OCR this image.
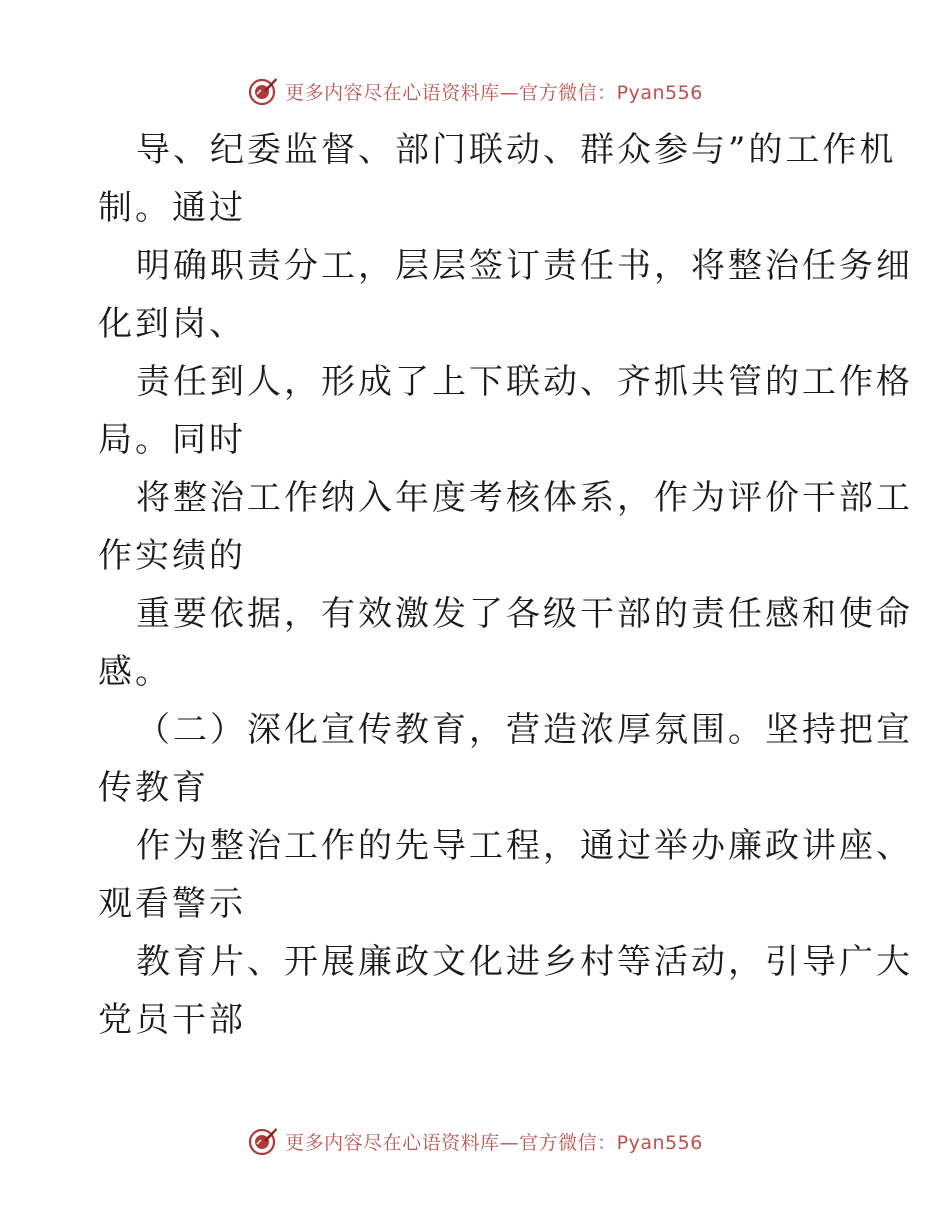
更多内容尽在心语资料库—官方微信：Pyan556
导、纪委监督、部门联动、群众参与”的工作机
制。通过
明确职责分工，层层签订责任书，将整治任务细
化到岗、
责任到人，形成了上下联动、齐抓共管的工作格
局。同时
将整治工作纳入年度考核体系，作为评价干部工
作实绩的
重要依据，有效激发了各级干部的责任感和使命
感。
（二）深化宣传教育，营造浓厚氛围。坚持把宣
传教育
作为整治工作的先导工程，通过举办廉政讲座、
观看警示
教育片、开展廉政文化进乡村等活动，引导广大
党员干部
更多内容尽在心语资料库—官方微信：Pyan556
